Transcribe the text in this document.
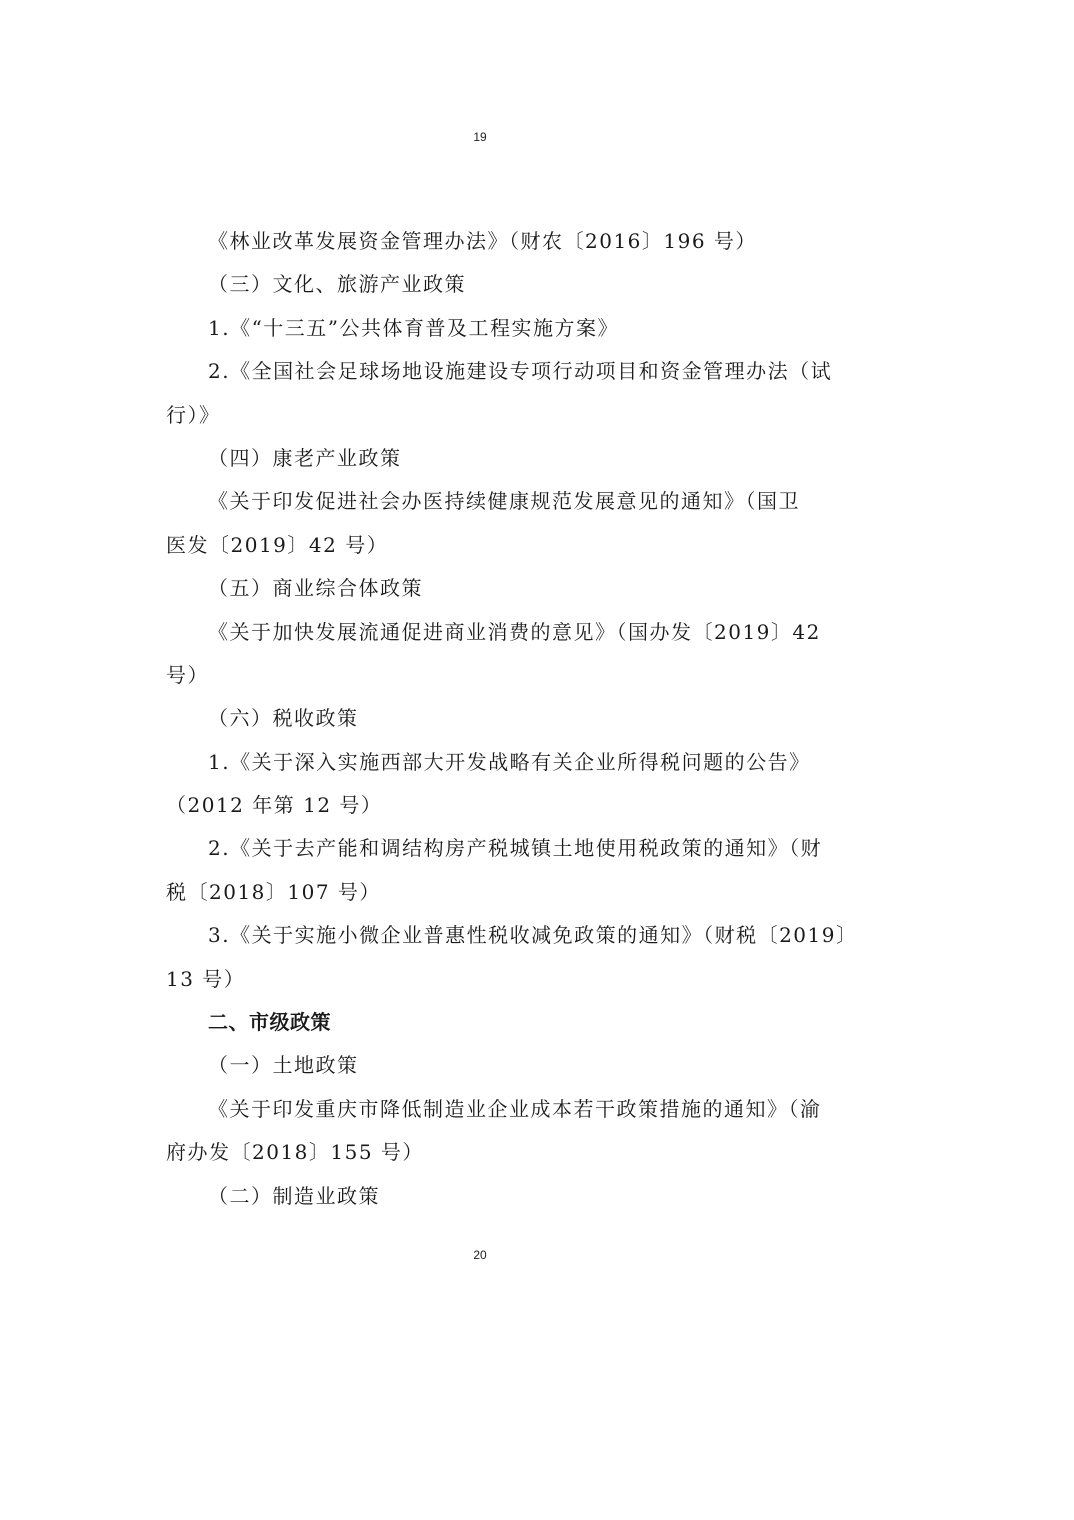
19
《林业改革发展资金管理办法》（财农〔2016〕196 号）
（三）文化、旅游产业政策
1.《“十三五”公共体育普及工程实施方案》
2.《全国社会足球场地设施建设专项行动项目和资金管理办法（试
行）》
（四）康老产业政策
《关于印发促进社会办医持续健康规范发展意见的通知》（国卫
医发〔2019〕42 号）
（五）商业综合体政策
《关于加快发展流通促进商业消费的意见》（国办发〔2019〕42
号）
（六）税收政策
1.《关于深入实施西部大开发战略有关企业所得税问题的公告》
（2012 年第 12 号）
2.《关于去产能和调结构房产税城镇土地使用税政策的通知》（财
税〔2018〕107 号）
3.《关于实施小微企业普惠性税收减免政策的通知》（财税〔2019〕
13 号）
二、市级政策
（一）土地政策
《关于印发重庆市降低制造业企业成本若干政策措施的通知》（渝
府办发〔2018〕155 号）
（二）制造业政策
20
